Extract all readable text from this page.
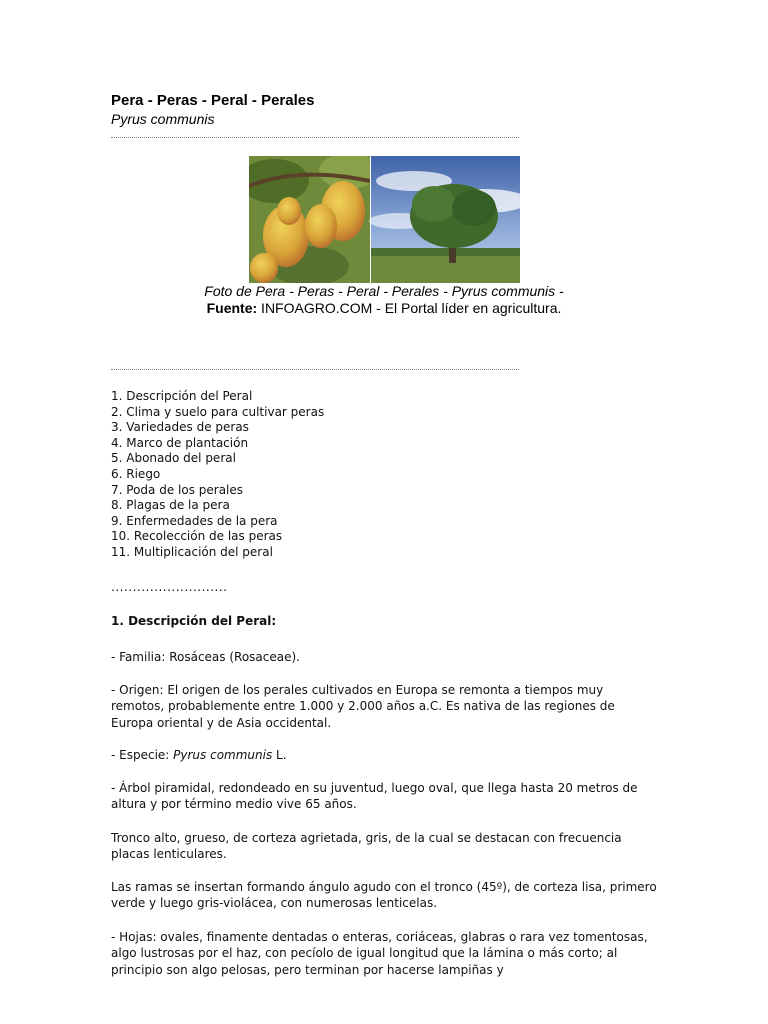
Pera - Peras - Peral - Perales
Pyrus communis
Foto de Pera - Peras - Peral - Perales - Pyrus communis -
Fuente: INFOAGRO.COM - El Portal líder en agricultura.
1. Descripción del Peral
2. Clima y suelo para cultivar peras
3. Variedades de peras
4. Marco de plantación
5. Abonado del peral
6. Riego
7. Poda de los perales
8. Plagas de la pera
9. Enfermedades de la pera
10. Recolección de las peras
11. Multiplicación del peral
...........................
1. Descripción del Peral:

- Familia: Rosáceas (Rosaceae).

- Origen: El origen de los perales cultivados en Europa se remonta a tiempos muy remotos, probablemente entre 1.000 y 2.000 años a.C. Es nativa de las regiones de Europa oriental y de Asia occidental.

- Especie: Pyrus communis L.

- Árbol piramidal, redondeado en su juventud, luego oval, que llega hasta 20 metros de altura y por término medio vive 65 años.

Tronco alto, grueso, de corteza agrietada, gris, de la cual se destacan con frecuencia placas lenticulares.

Las ramas se insertan formando ángulo agudo con el tronco (45º), de corteza lisa, primero verde y luego gris-violácea, con numerosas lenticelas.

- Hojas: ovales, finamente dentadas o enteras, coriáceas, glabras o rara vez tomentosas, algo lustrosas por el haz, con pecíolo de igual longitud que la lámina o más corto; al principio son algo pelosas, pero terminan por hacerse lampiñas y
